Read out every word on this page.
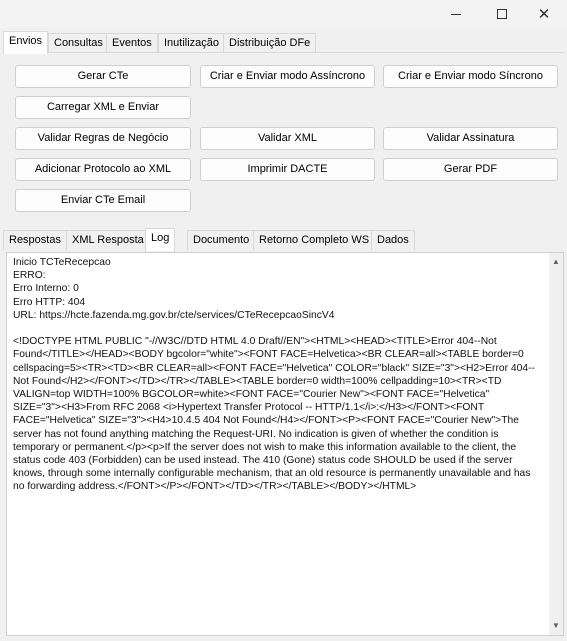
✕
Envios	Consultas Eventos	Inutilização Distribuição DFe
Gerar CTe	Criar e Enviar modo Assíncrono	Criar e Enviar modo Síncrono
Carregar XML e Enviar
Validar Regras de Negócio	Validar XML	Validar Assinatura
Adicionar Protocolo ao XML	Imprimir DACTE	Gerar PDF
Enviar CTe Email
Respostas	XML Resposta Log	Documento Retorno Completo WS Dados
Inicio TCTeRecepcao
ERRO:
Erro Interno: 0
Erro HTTP: 404
URL: https://hcte.fazenda.mg.gov.br/cte/services/CTeRecepcaoSincV4

<!DOCTYPE HTML PUBLIC "-//W3C//DTD HTML 4.0 Draft//EN"><HTML><HEAD><TITLE>Error 404--Not Found</TITLE></HEAD><BODY bgcolor="white"><FONT FACE=Helvetica><BR CLEAR=all><TABLE border=0 cellspacing=5><TR><TD><BR CLEAR=all><FONT FACE="Helvetica" COLOR="black" SIZE="3"><H2>Error 404--Not Found</H2></FONT></TD></TR></TABLE><TABLE border=0 width=100% cellpadding=10><TR><TD VALIGN=top WIDTH=100% BGCOLOR=white><FONT FACE="Courier New"><FONT FACE="Helvetica" SIZE="3"><H3>From RFC 2068 <i>Hypertext Transfer Protocol -- HTTP/1.1</i>:</H3></FONT><FONT FACE="Helvetica" SIZE="3"><H4>10.4.5 404 Not Found</H4></FONT><P><FONT FACE="Courier New">The server has not found anything matching the Request-URI. No indication is given of whether the condition is temporary or permanent.</p><p>If the server does not wish to make this information available to the client, the status code 403 (Forbidden) can be used instead. The 410 (Gone) status code SHOULD be used if the server knows, through some internally configurable mechanism, that an old resource is permanently unavailable and has no forwarding address.</FONT></P></FONT></TD></TR></TABLE></BODY></HTML>
▲
▼
